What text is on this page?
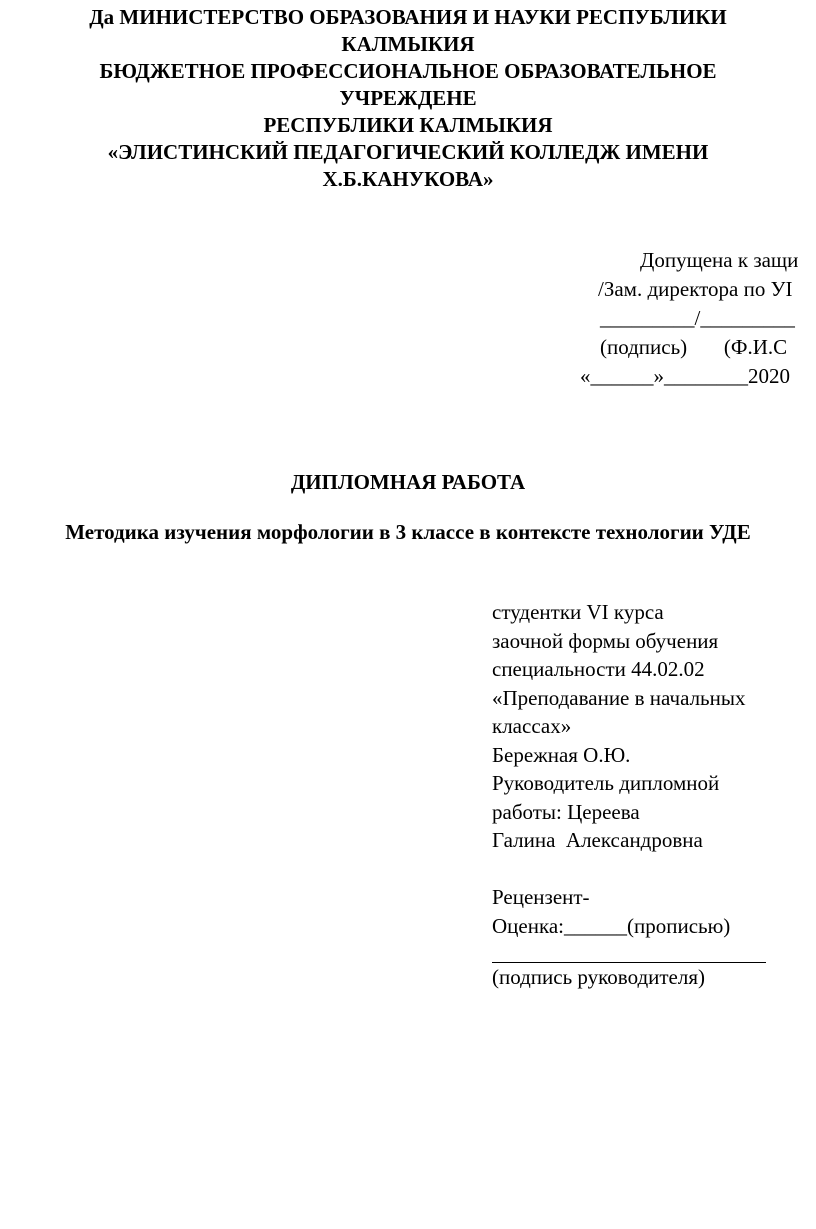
Да МИНИСТЕРСТВО ОБРАЗОВАНИЯ И НАУКИ РЕСПУБЛИКИ
КАЛМЫКИЯ
БЮДЖЕТНОЕ ПРОФЕССИОНАЛЬНОЕ ОБРАЗОВАТЕЛЬНОЕ
УЧРЕЖДЕНЕ
РЕСПУБЛИКИ КАЛМЫКИЯ
«ЭЛИСТИНСКИЙ ПЕДАГОГИЧЕСКИЙ КОЛЛЕДЖ ИМЕНИ
Х.Б.КАНУКОВА»
Допущена к защи
/Зам. директора по УI
_________/_________
(подпись)       (Ф.И.С
«______»________2020
ДИПЛОМНАЯ РАБОТА
Методика изучения морфологии в 3 классе в контексте технологии УДЕ
студентки VI курса
заочной формы обучения
специальности 44.02.02
«Преподавание в начальных
классах»
Бережная О.Ю.
Руководитель дипломной
работы: Цереева
Галина  Александровна
Рецензент-
Оценка:______(прописью)
(подпись руководителя)
